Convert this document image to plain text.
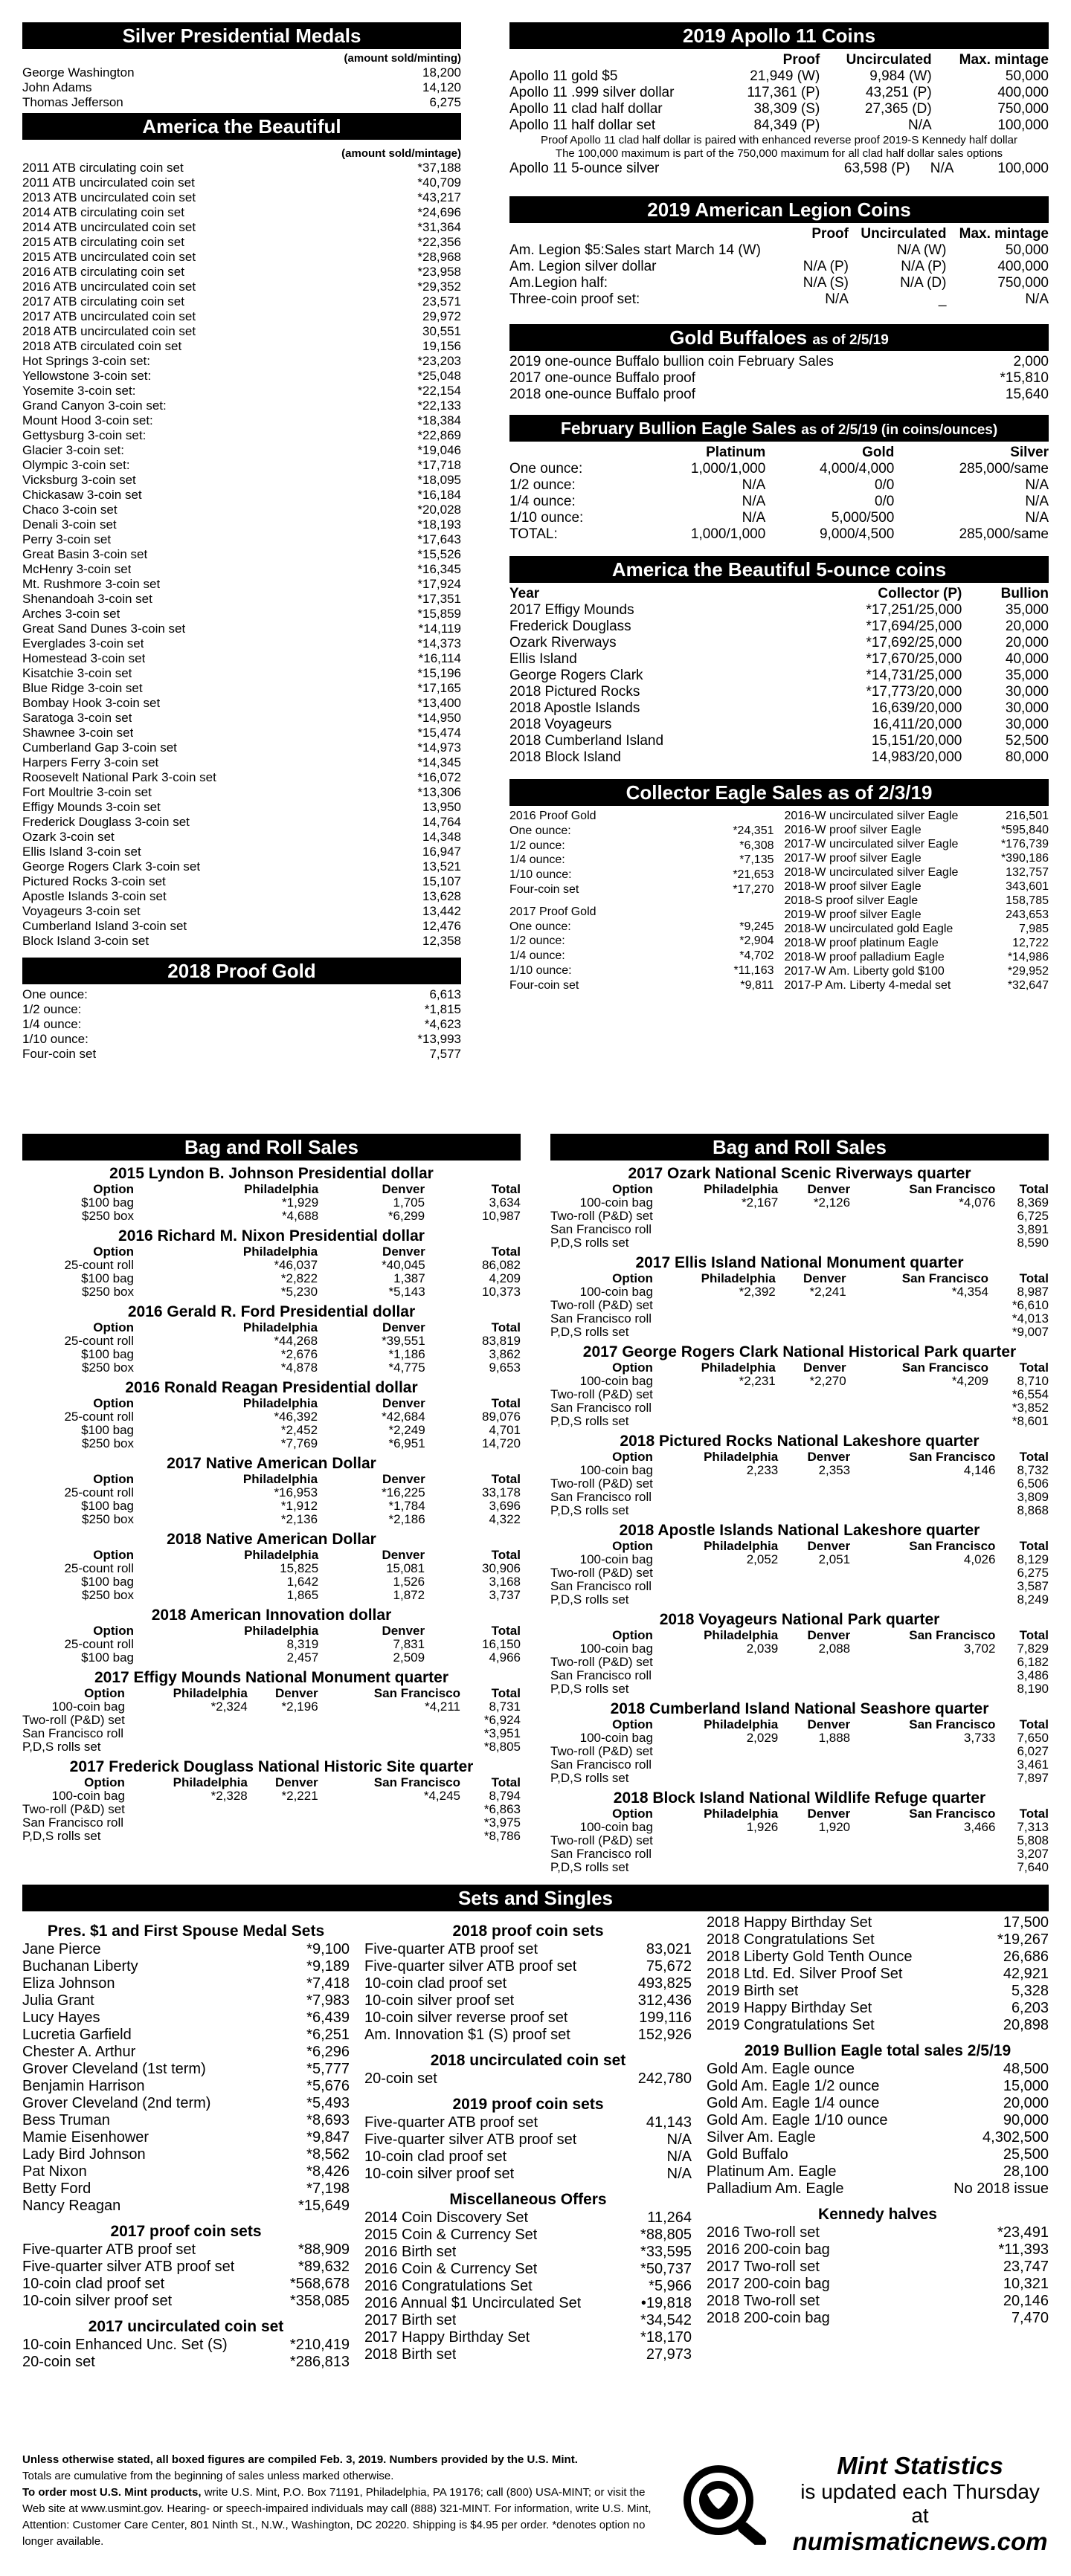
Silver Presidential Medals
(amount sold/minting)
George Washington	18,200
John Adams	14,120
Thomas Jefferson	6,275
America the Beautiful
(amount sold/mintage)
2011 ATB circulating coin set	*37,188
2011 ATB uncirculated coin set	*40,709
2013 ATB uncirculated coin set	*43,217
2014 ATB circulating coin set	*24,696
2014 ATB uncirculated coin set	*31,364
2015 ATB circulating coin set	*22,356
2015 ATB uncirculated coin set	*28,968
2016 ATB circulating coin set	*23,958
2016 ATB uncirculated coin set	*29,352
2017 ATB circulating coin set	23,571
2017 ATB uncirculated coin set	29,972
2018 ATB uncirculated coin set	30,551
2018 ATB circulated coin set	19,156
Hot Springs 3-coin set:	*23,203
Yellowstone 3-coin set:	*25,048
Yosemite 3-coin set:	*22,154
Grand Canyon 3-coin set:	*22,133
Mount Hood 3-coin set:	*18,384
Gettysburg 3-coin set:	*22,869
Glacier 3-coin set:	*19,046
Olympic 3-coin set:	*17,718
Vicksburg 3-coin set	*18,095
Chickasaw 3-coin set	*16,184
Chaco 3-coin set	*20,028
Denali 3-coin set	*18,193
Perry 3-coin set	*17,643
Great Basin 3-coin set	*15,526
McHenry 3-coin set	*16,345
Mt. Rushmore 3-coin set	*17,924
Shenandoah 3-coin set	*17,351
Arches 3-coin set	*15,859
Great Sand Dunes 3-coin set	*14,119
Everglades 3-coin set	*14,373
Homestead 3-coin set	*16,114
Kisatchie 3-coin set	*15,196
Blue Ridge 3-coin set	*17,165
Bombay Hook 3-coin set	*13,400
Saratoga 3-coin set	*14,950
Shawnee 3-coin set	*15,474
Cumberland Gap 3-coin set	*14,973
Harpers Ferry 3-coin set	*14,345
Roosevelt National Park 3-coin set	*16,072
Fort Moultrie 3-coin set	*13,306
Effigy Mounds 3-coin set	13,950
Frederick Douglass 3-coin set	14,764
Ozark 3-coin set	14,348
Ellis Island 3-coin set	16,947
George Rogers Clark 3-coin set	13,521
Pictured Rocks 3-coin set	15,107
Apostle Islands 3-coin set	13,628
Voyageurs 3-coin set	13,442
Cumberland Island 3-coin set	12,476
Block Island 3-coin set	12,358
2018 Proof Gold
One ounce:	6,613
1/2 ounce:	*1,815
1/4 ounce:	*4,623
1/10 ounce:	*13,993
Four-coin set	7,577
2019 Apollo 11 Coins
	Proof	Uncirculated	Max. mintage
Apollo 11 gold $5	21,949 (W)	9,984 (W)	50,000
Apollo 11 .999 silver dollar	117,361 (P)	43,251 (P)	400,000
Apollo 11 clad half dollar	38,309 (S)	27,365 (D)	750,000
Apollo 11 half dollar set	84,349 (P)	N/A	100,000
Proof Apollo 11 clad half dollar is paired with enhanced reverse proof 2019-S Kennedy half dollar
The 100,000 maximum is part of the 750,000 maximum for all clad half dollar sales options
Apollo 11 5-ounce silver	63,598 (P)	N/A	100,000
2019 American Legion Coins
	Proof	Uncirculated	Max. mintage
Am. Legion $5:Sales start March 14 (W)		N/A (W)	50,000
Am. Legion silver dollar	N/A (P)	N/A (P)	400,000
Am.Legion half:	N/A (S)	N/A (D)	750,000
Three-coin proof set:	N/A	_	N/A
Gold Buffaloes as of 2/5/19
2019 one-ounce Buffalo bullion coin February Sales	2,000
2017 one-ounce Buffalo proof	*15,810
2018 one-ounce Buffalo proof	15,640
February Bullion Eagle Sales as of 2/5/19 (in coins/ounces)
	Platinum	Gold	Silver
One ounce:	1,000/1,000	4,000/4,000	285,000/same
1/2 ounce:	N/A	0/0	N/A
1/4 ounce:	N/A	0/0	N/A
1/10 ounce:	N/A	5,000/500	N/A
TOTAL:	1,000/1,000	9,000/4,500	285,000/same
America the Beautiful 5-ounce coins
Year	Collector (P)	Bullion
2017 Effigy Mounds	*17,251/25,000	35,000
Frederick Douglass	*17,694/25,000	20,000
Ozark Riverways	*17,692/25,000	20,000
Ellis Island	*17,670/25,000	40,000
George Rogers Clark	*14,731/25,000	35,000
2018 Pictured Rocks	*17,773/20,000	30,000
2018 Apostle Islands	16,639/20,000	30,000
2018 Voyageurs	16,411/20,000	30,000
2018 Cumberland Island	15,151/20,000	52,500
2018 Block Island	14,983/20,000	80,000
Collector Eagle Sales as of 2/3/19
2016 Proof Gold	
One ounce:	*24,351
1/2 ounce:	*6,308
1/4 ounce:	*7,135
1/10 ounce:	*21,653
Four-coin set	*17,270
2017 Proof Gold	
One ounce:	*9,245
1/2 ounce:	*2,904
1/4 ounce:	*4,702
1/10 ounce:	*11,163
Four-coin set	*9,811
2016-W uncirculated silver Eagle	216,501
2016-W proof silver Eagle	*595,840
2017-W uncirculated silver Eagle	*176,739
2017-W proof silver Eagle	*390,186
2018-W uncirculated silver Eagle	132,757
2018-W proof silver Eagle	343,601
2018-S proof silver Eagle	158,785
2019-W proof silver Eagle	243,653
2018-W uncirculated gold Eagle	7,985
2018-W proof platinum Eagle	12,722
2018-W proof palladium Eagle	*14,986
2017-W Am. Liberty gold $100	*29,952
2017-P Am. Liberty 4-medal set	*32,647
Bag and Roll Sales
2015 Lyndon B. Johnson Presidential dollar
Option	Philadelphia	Denver	Total
$100 bag	*1,929	1,705	3,634
$250 box	*4,688	*6,299	10,987
2016 Richard M. Nixon Presidential dollar
Option	Philadelphia	Denver	Total
25-count roll	*46,037	*40,045	86,082
$100 bag	*2,822	1,387	4,209
$250 box	*5,230	*5,143	10,373
2016 Gerald R. Ford Presidential dollar
Option	Philadelphia	Denver	Total
25-count roll	*44,268	*39,551	83,819
$100 bag	*2,676	*1,186	3,862
$250 box	*4,878	*4,775	9,653
2016 Ronald Reagan Presidential dollar
Option	Philadelphia	Denver	Total
25-count roll	*46,392	*42,684	89,076
$100 bag	*2,452	*2,249	4,701
$250 box	*7,769	*6,951	14,720
2017 Native American Dollar
Option	Philadelphia	Denver	Total
25-count roll	*16,953	*16,225	33,178
$100 bag	*1,912	*1,784	3,696
$250 box	*2,136	*2,186	4,322
2018 Native American Dollar
Option	Philadelphia	Denver	Total
25-count roll	15,825	15,081	30,906
$100 bag	1,642	1,526	3,168
$250 box	1,865	1,872	3,737
2018 American Innovation dollar
Option	Philadelphia	Denver	Total
25-count roll	8,319	7,831	16,150
$100 bag	2,457	2,509	4,966
2017 Effigy Mounds National Monument quarter
Option	Philadelphia	Denver	San Francisco	Total
100-coin bag	*2,324	*2,196	*4,211	8,731
Two-roll (P&D) set				*6,924
San Francisco roll				*3,951
P,D,S rolls set				*8,805
2017 Frederick Douglass National Historic Site quarter
Option	Philadelphia	Denver	San Francisco	Total
100-coin bag	*2,328	*2,221	*4,245	8,794
Two-roll (P&D) set				*6,863
San Francisco roll				*3,975
P,D,S rolls set				*8,786
Bag and Roll Sales
2017 Ozark National Scenic Riverways quarter
Option	Philadelphia	Denver	San Francisco	Total
100-coin bag	*2,167	*2,126	*4,076	8,369
Two-roll (P&D) set				6,725
San Francisco roll				3,891
P,D,S rolls set				8,590
2017 Ellis Island National Monument quarter
Option	Philadelphia	Denver	San Francisco	Total
100-coin bag	*2,392	*2,241	*4,354	8,987
Two-roll (P&D) set				*6,610
San Francisco roll				*4,013
P,D,S rolls set				*9,007
2017 George Rogers Clark National Historical Park quarter
Option	Philadelphia	Denver	San Francisco	Total
100-coin bag	*2,231	*2,270	*4,209	8,710
Two-roll (P&D) set				*6,554
San Francisco roll				*3,852
P,D,S rolls set				*8,601
2018 Pictured Rocks National Lakeshore quarter
Option	Philadelphia	Denver	San Francisco	Total
100-coin bag	2,233	2,353	4,146	8,732
Two-roll (P&D) set				6,506
San Francisco roll				3,809
P,D,S rolls set				8,868
2018 Apostle Islands National Lakeshore quarter
Option	Philadelphia	Denver	San Francisco	Total
100-coin bag	2,052	2,051	4,026	8,129
Two-roll (P&D) set				6,275
San Francisco roll				3,587
P,D,S rolls set				8,249
2018 Voyageurs National Park quarter
Option	Philadelphia	Denver	San Francisco	Total
100-coin bag	2,039	2,088	3,702	7,829
Two-roll (P&D) set				6,182
San Francisco roll				3,486
P,D,S rolls set				8,190
2018 Cumberland Island National Seashore quarter
Option	Philadelphia	Denver	San Francisco	Total
100-coin bag	2,029	1,888	3,733	7,650
Two-roll (P&D) set				6,027
San Francisco roll				3,461
P,D,S rolls set				7,897
2018 Block Island National Wildlife Refuge quarter
Option	Philadelphia	Denver	San Francisco	Total
100-coin bag	1,926	1,920	3,466	7,313
Two-roll (P&D) set				5,808
San Francisco roll				3,207
P,D,S rolls set				7,640
Sets and Singles
Pres. $1 and First Spouse Medal Sets
Jane Pierce	*9,100
Buchanan Liberty	*9,189
Eliza Johnson	*7,418
Julia Grant	*7,983
Lucy Hayes	*6,439
Lucretia Garfield	*6,251
Chester A. Arthur	*6,296
Grover Cleveland (1st term)	*5,777
Benjamin Harrison	*5,676
Grover Cleveland (2nd term)	*5,493
Bess Truman	*8,693
Mamie Eisenhower	*9,847
Lady Bird Johnson	*8,562
Pat Nixon	*8,426
Betty Ford	*7,198
Nancy Reagan	*15,649
2017 proof coin sets
Five-quarter ATB proof set	*88,909
Five-quarter silver ATB proof set	*89,632
10-coin clad proof set	*568,678
10-coin silver proof set	*358,085
2017 uncirculated coin set
10-coin Enhanced Unc. Set (S)	*210,419
20-coin set	*286,813
2018 proof coin sets
Five-quarter ATB proof set	83,021
Five-quarter silver ATB proof set	75,672
10-coin clad proof set	493,825
10-coin silver proof set	312,436
10-coin silver reverse proof set	199,116
Am. Innovation $1 (S) proof set	152,926
2018 uncirculated coin set
20-coin set	242,780
2019 proof coin sets
Five-quarter ATB proof set	41,143
Five-quarter silver ATB proof set	N/A
10-coin clad proof set	N/A
10-coin silver proof set	N/A
Miscellaneous Offers
2014 Coin Discovery Set	11,264
2015 Coin & Currency Set	*88,805
2016 Birth set	*33,595
2016 Coin & Currency Set	*50,737
2016 Congratulations Set	*5,966
2016 Annual $1 Uncirculated Set	•19,818
2017 Birth set	*34,542
2017 Happy Birthday Set	*18,170
2018 Birth set	27,973
2018 Happy Birthday Set	17,500
2018 Congratulations Set	*19,267
2018 Liberty Gold Tenth Ounce	26,686
2018 Ltd. Ed. Silver Proof Set	42,921
2019 Birth set	5,328
2019 Happy Birthday Set	6,203
2019 Congratulations Set	20,898
2019 Bullion Eagle total sales 2/5/19
Gold Am. Eagle ounce	48,500
Gold Am. Eagle 1/2 ounce	15,000
Gold Am. Eagle 1/4 ounce	20,000
Gold Am. Eagle 1/10 ounce	90,000
Silver Am. Eagle	4,302,500
Gold Buffalo	25,500
Platinum Am. Eagle	28,100
Palladium Am. Eagle	No 2018 issue
Kennedy halves
2016 Two-roll set	*23,491
2016 200-coin bag	*11,393
2017 Two-roll set	23,747
2017 200-coin bag	10,321
2018 Two-roll set	20,146
2018 200-coin bag	7,470
Unless otherwise stated, all boxed figures are compiled Feb. 3, 2019. Numbers provided by the U.S. Mint.
Totals are cumulative from the beginning of sales unless marked otherwise.
To order most U.S. Mint products, write U.S. Mint, P.O. Box 71191, Philadelphia, PA 19176; call (800) USA-MINT; or visit the Web site at www.usmint.gov. Hearing- or speech-impaired individuals may call (888) 321-MINT. For information, write U.S. Mint, Attention: Customer Care Center, 801 Ninth St., N.W., Washington, DC 20220. Shipping is $4.95 per order. *denotes option no longer available.
Mint Statistics
is updated each Thursday at
numismaticnews.com
